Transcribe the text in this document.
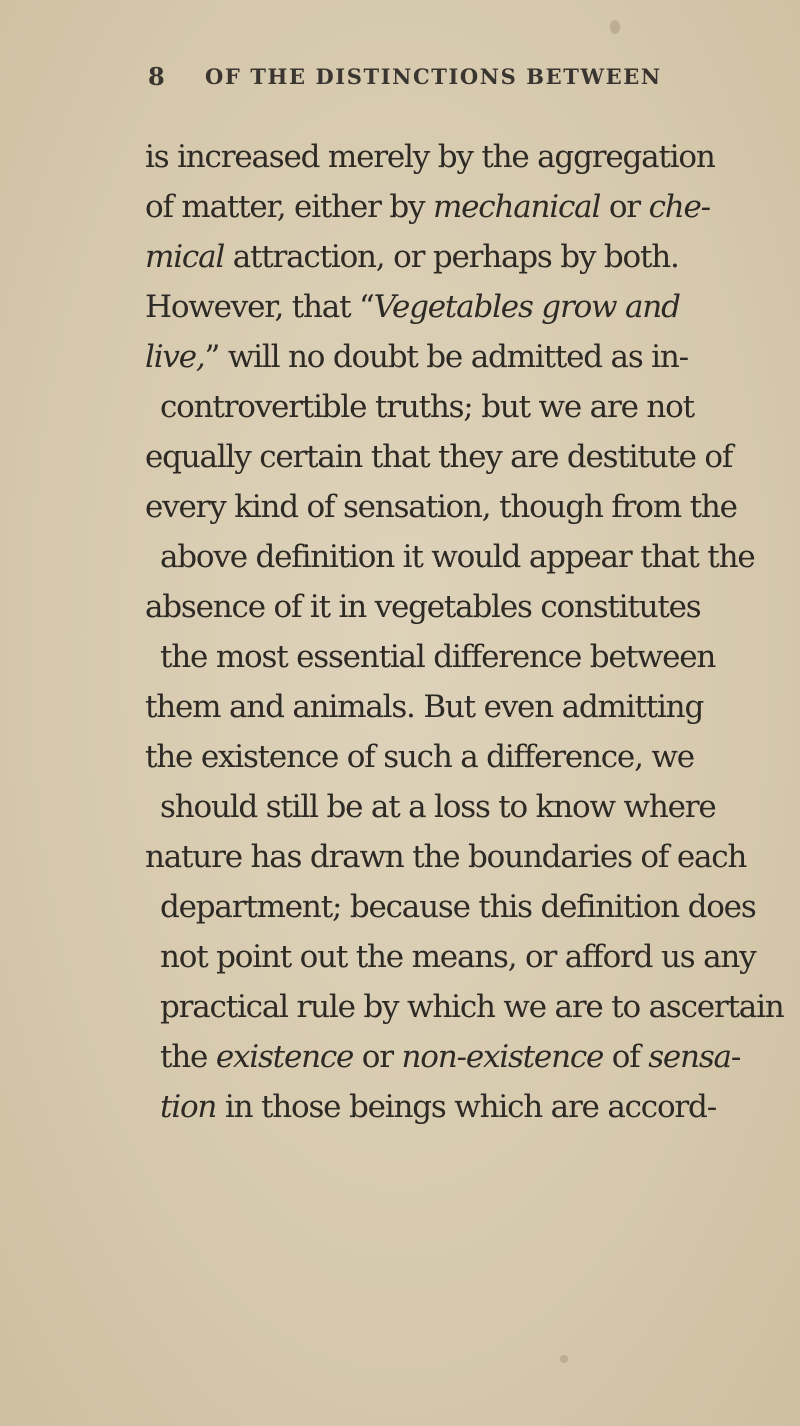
8 OF THE DISTINCTIONS BETWEEN
is increased merely by the aggregation
of matter, either by mechanical or che-
mical attraction, or perhaps by both.
However, that “Vegetables grow and
live,” will no doubt be admitted as in-
controvertible truths; but we are not
equally certain that they are destitute of
every kind of sensation, though from the
above definition it would appear that the
absence of it in vegetables constitutes
the most essential difference between
them and animals. But even admitting
the existence of such a difference, we
should still be at a loss to know where
nature has drawn the boundaries of each
department; because this definition does
not point out the means, or afford us any
practical rule by which we are to ascertain
the existence or non-existence of sensa-
tion in those beings which are accord-
